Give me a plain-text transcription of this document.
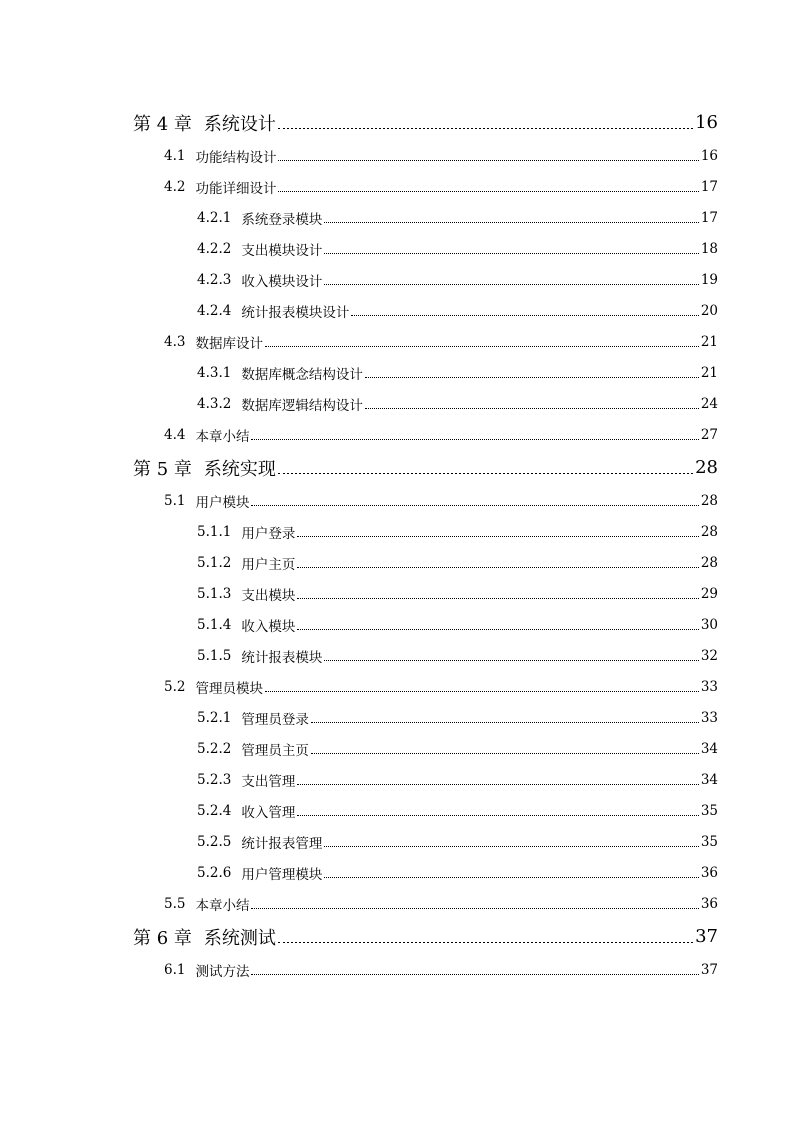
第 4 章 系统设计	16
4.1 功能结构设计	16
4.2 功能详细设计	17
4.2.1 系统登录模块	17
4.2.2 支出模块设计	18
4.2.3 收入模块设计	19
4.2.4 统计报表模块设计	20
4.3 数据库设计	21
4.3.1 数据库概念结构设计	21
4.3.2 数据库逻辑结构设计	24
4.4 本章小结	27
第 5 章 系统实现	28
5.1 用户模块	28
5.1.1 用户登录	28
5.1.2 用户主页	28
5.1.3 支出模块	29
5.1.4 收入模块	30
5.1.5 统计报表模块	32
5.2 管理员模块	33
5.2.1 管理员登录	33
5.2.2 管理员主页	34
5.2.3 支出管理	34
5.2.4 收入管理	35
5.2.5 统计报表管理	35
5.2.6 用户管理模块	36
5.5 本章小结	36
第 6 章 系统测试	37
6.1 测试方法	37
